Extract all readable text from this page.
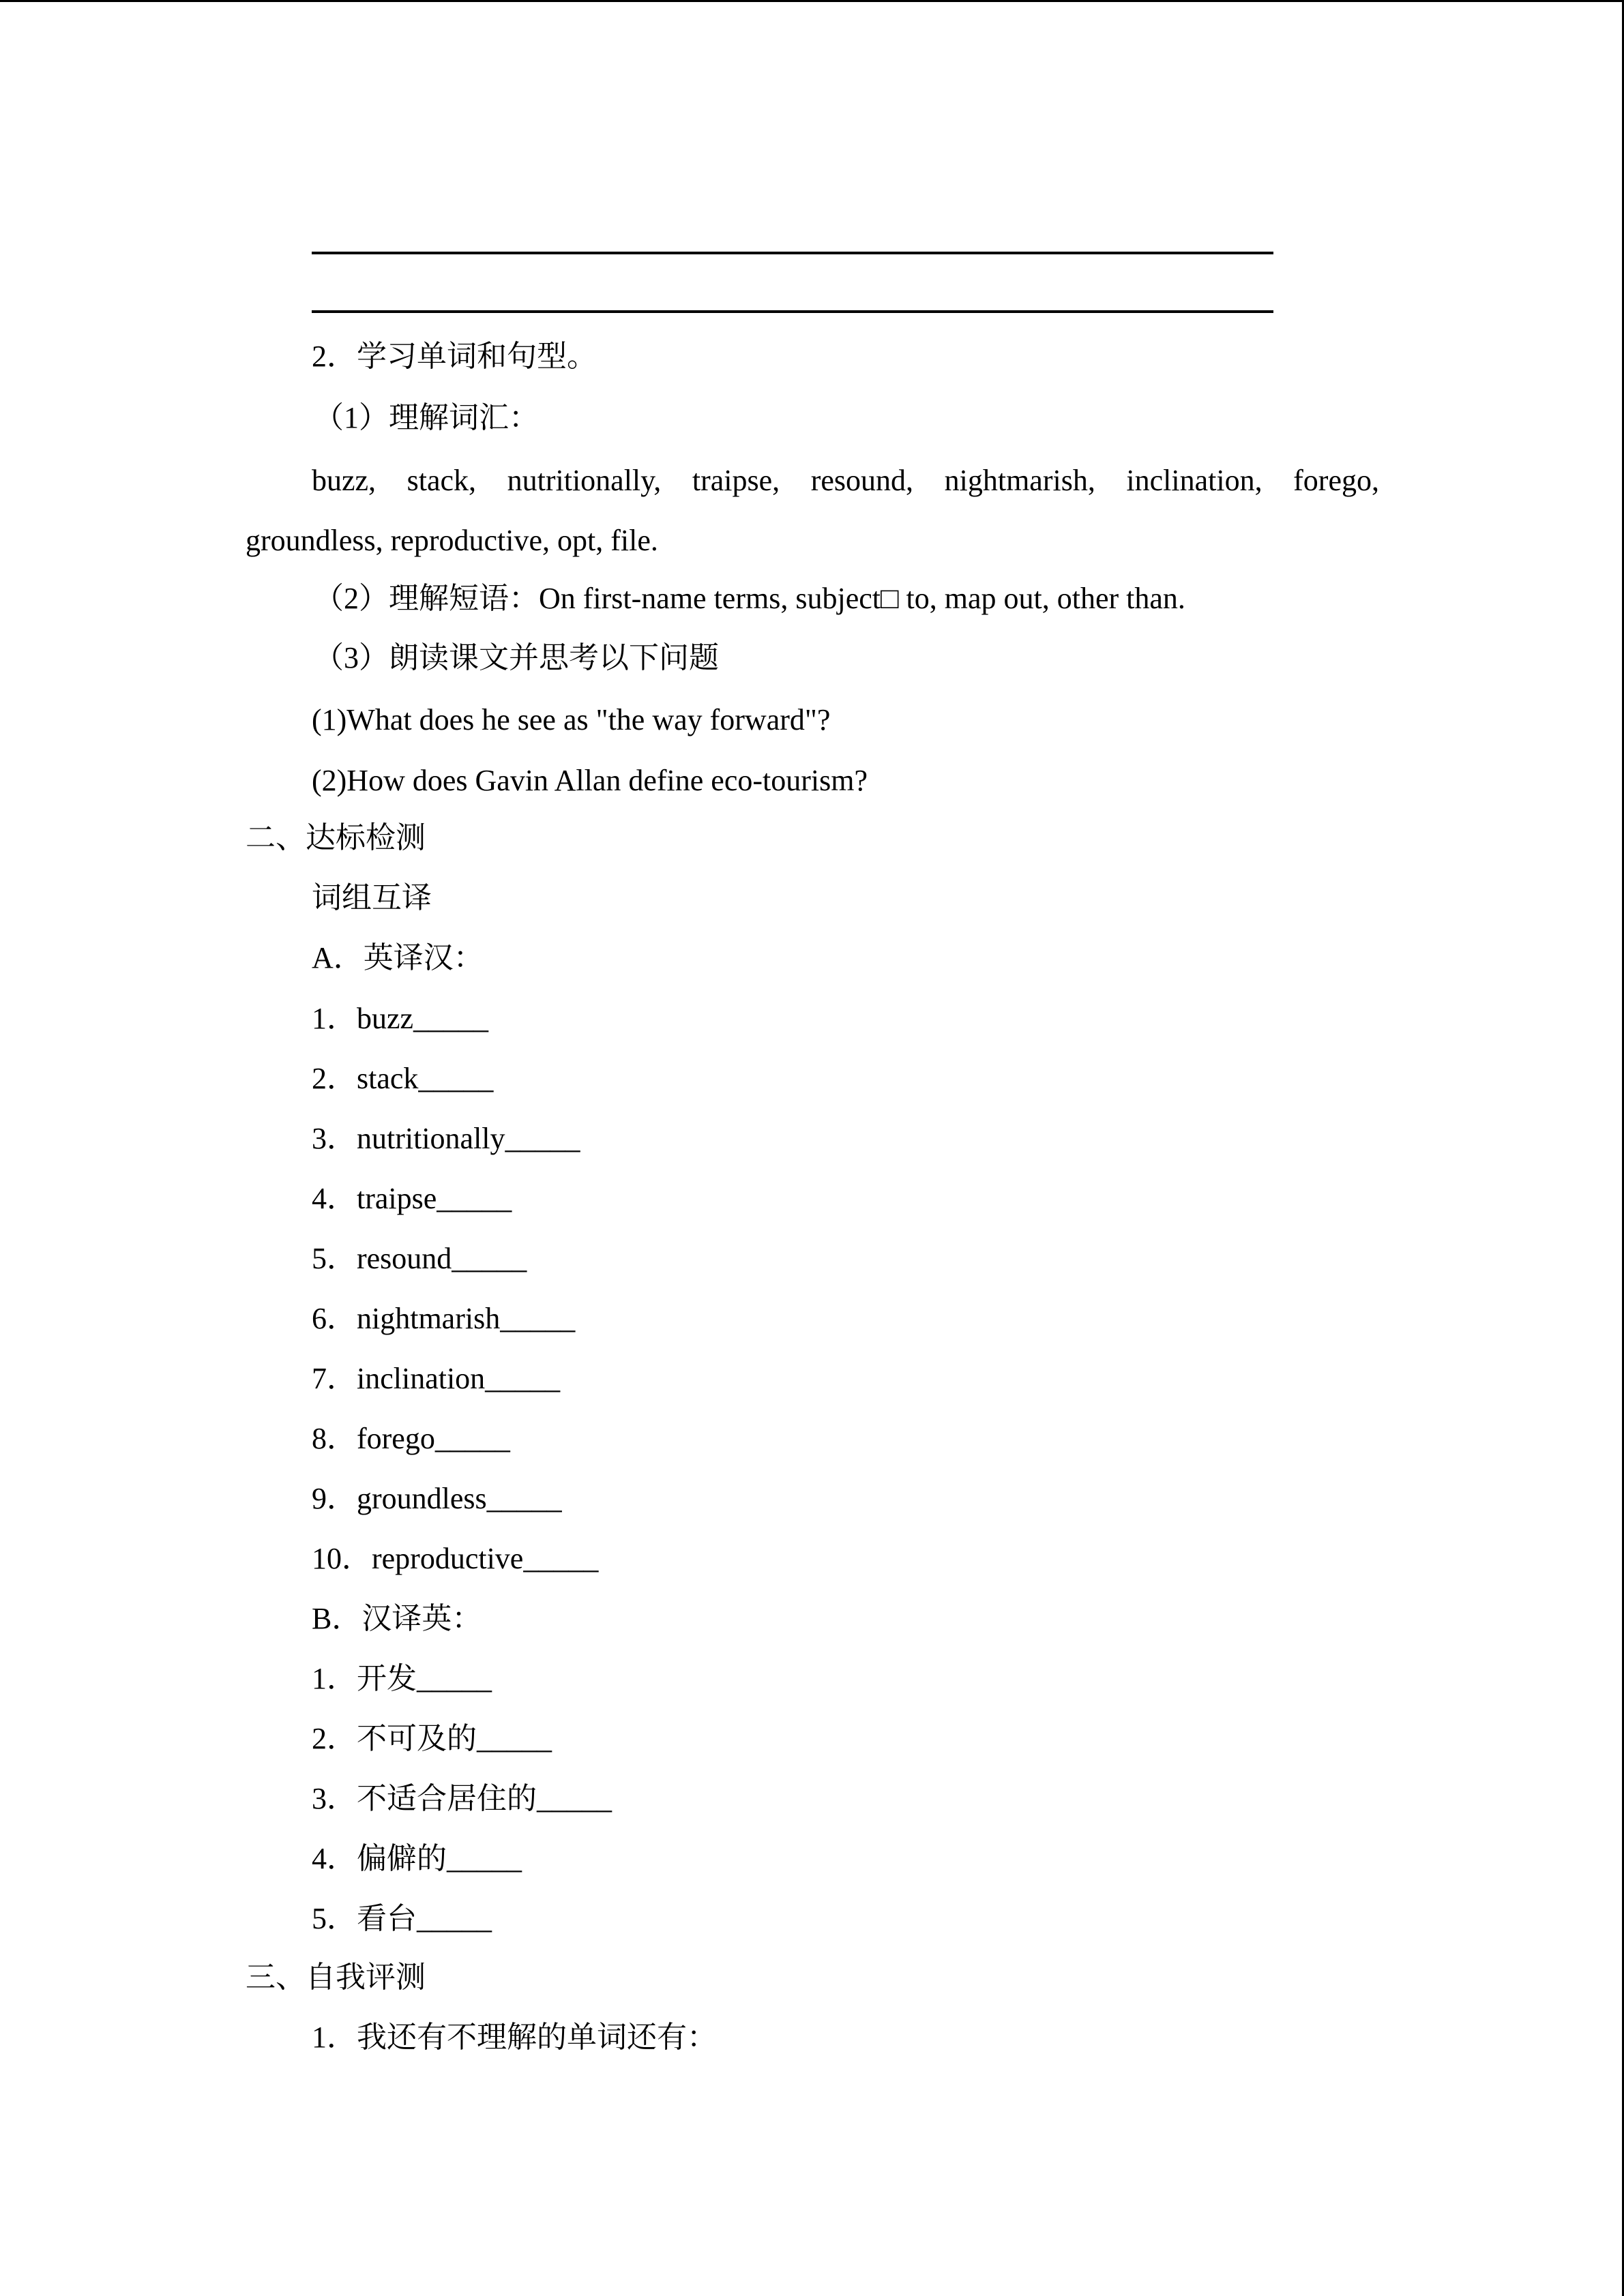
2．学习单词和句型。
（1）理解词汇：
buzz, stack, nutritionally, traipse, resound, nightmarish, inclination, forego,
groundless, reproductive, opt, file.
（2）理解短语：On first-name terms, subject□ to, map out, other than.
（3）朗读课文并思考以下问题
(1)What does he see as "the way forward"?
(2)How does Gavin Allan define eco-tourism?
二、达标检测
词组互译
A．英译汉：
1．buzz_____
2．stack_____
3．nutritionally_____
4．traipse_____
5．resound_____
6．nightmarish_____
7．inclination_____
8．forego_____
9．groundless_____
10．reproductive_____
B．汉译英：
1．开发_____
2．不可及的_____
3．不适合居住的_____
4．偏僻的_____
5．看台_____
三、自我评测
1．我还有不理解的单词还有：
